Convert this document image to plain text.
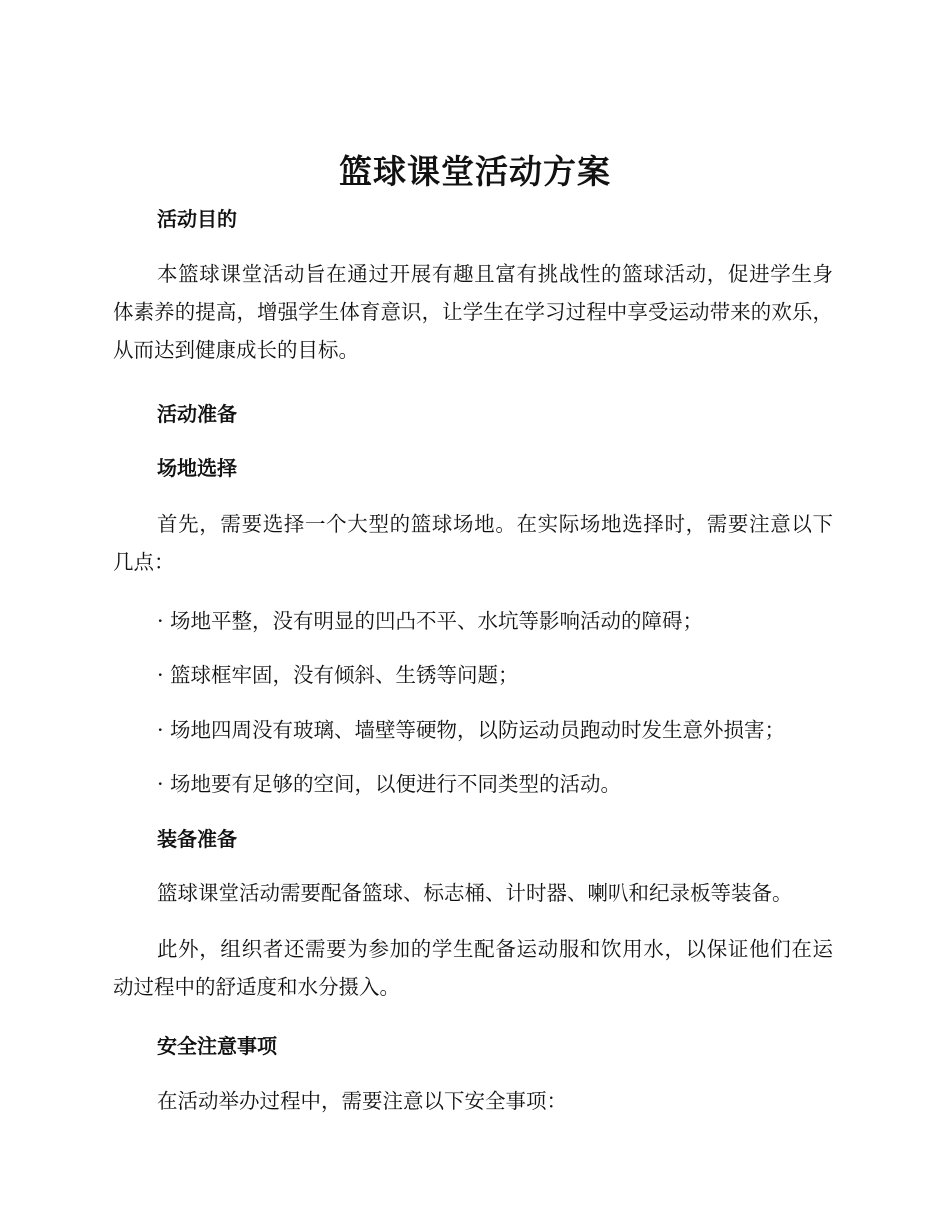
篮球课堂活动方案
活动目的

本篮球课堂活动旨在通过开展有趣且富有挑战性的篮球活动，促进学生身体素养的提高，增强学生体育意识，让学生在学习过程中享受运动带来的欢乐，从而达到健康成长的目标。

活动准备
场地选择

首先，需要选择一个大型的篮球场地。在实际场地选择时，需要注意以下几点：

· 场地平整，没有明显的凹凸不平、水坑等影响活动的障碍；
· 篮球框牢固，没有倾斜、生锈等问题；
· 场地四周没有玻璃、墙壁等硬物，以防运动员跑动时发生意外损害；
· 场地要有足够的空间，以便进行不同类型的活动。
装备准备

篮球课堂活动需要配备篮球、标志桶、计时器、喇叭和纪录板等装备。

此外，组织者还需要为参加的学生配备运动服和饮用水，以保证他们在运动过程中的舒适度和水分摄入。

安全注意事项

在活动举办过程中，需要注意以下安全事项：
